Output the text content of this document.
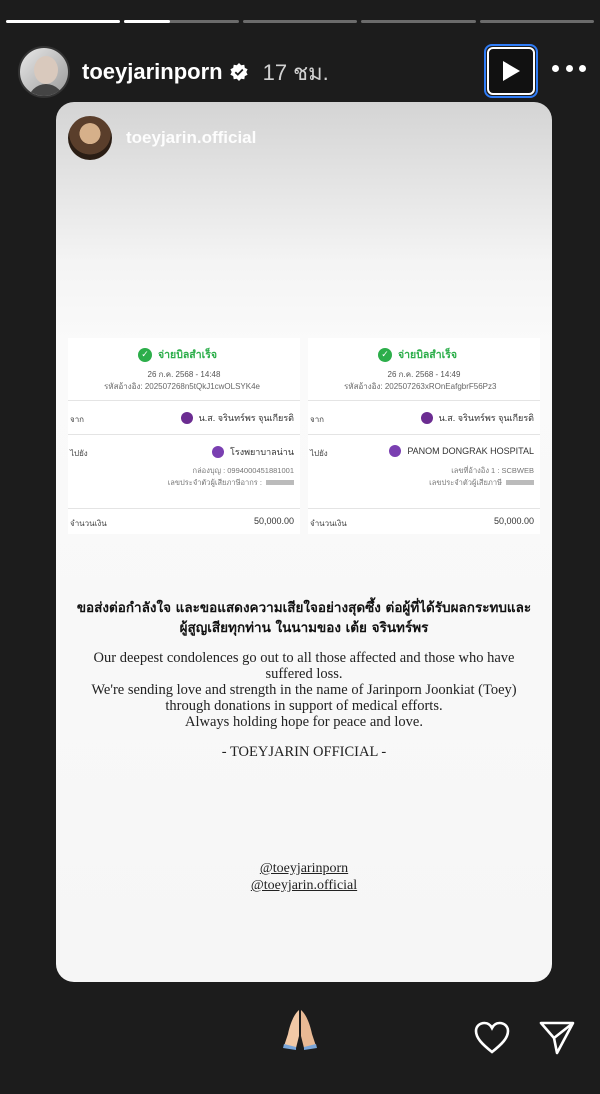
toeyjarinporn 17 ชม.
toeyjarin.official
✓ จ่ายบิลสำเร็จ
26 ก.ค. 2568 - 14:48
รหัสอ้างอิง: 202507268n5tQkJ1cwOLSYK4e
จาก	น.ส. จรินทร์พร จุนเกียรติ
ไปยัง	โรงพยาบาลน่าน
กล่องบุญ : 0994000451881001
เลขประจำตัวผู้เสียภาษีอากร :
จำนวนเงิน	50,000.00
✓ จ่ายบิลสำเร็จ
26 ก.ค. 2568 - 14:49
รหัสอ้างอิง: 202507263xROnEafgbrF56Pz3
จาก	น.ส. จรินทร์พร จุนเกียรติ
ไปยัง	PANOM DONGRAK HOSPITAL
เลขที่อ้างอิง 1 : SCBWEB
เลขประจำตัวผู้เสียภาษี
จำนวนเงิน	50,000.00
ขอส่งต่อกำลังใจ และขอแสดงความเสียใจอย่างสุดซึ้ง ต่อผู้ที่ได้รับผลกระทบและ
ผู้สูญเสียทุกท่าน ในนามของ เต้ย จรินทร์พร

Our deepest condolences go out to all those affected and those who have

suffered loss.

We're sending love and strength in the name of Jarinporn Joonkiat (Toey)

through donations in support of medical efforts.

Always holding hope for peace and love.

- TOEYJARIN OFFICIAL -
@toeyjarinporn
@toeyjarin.official
